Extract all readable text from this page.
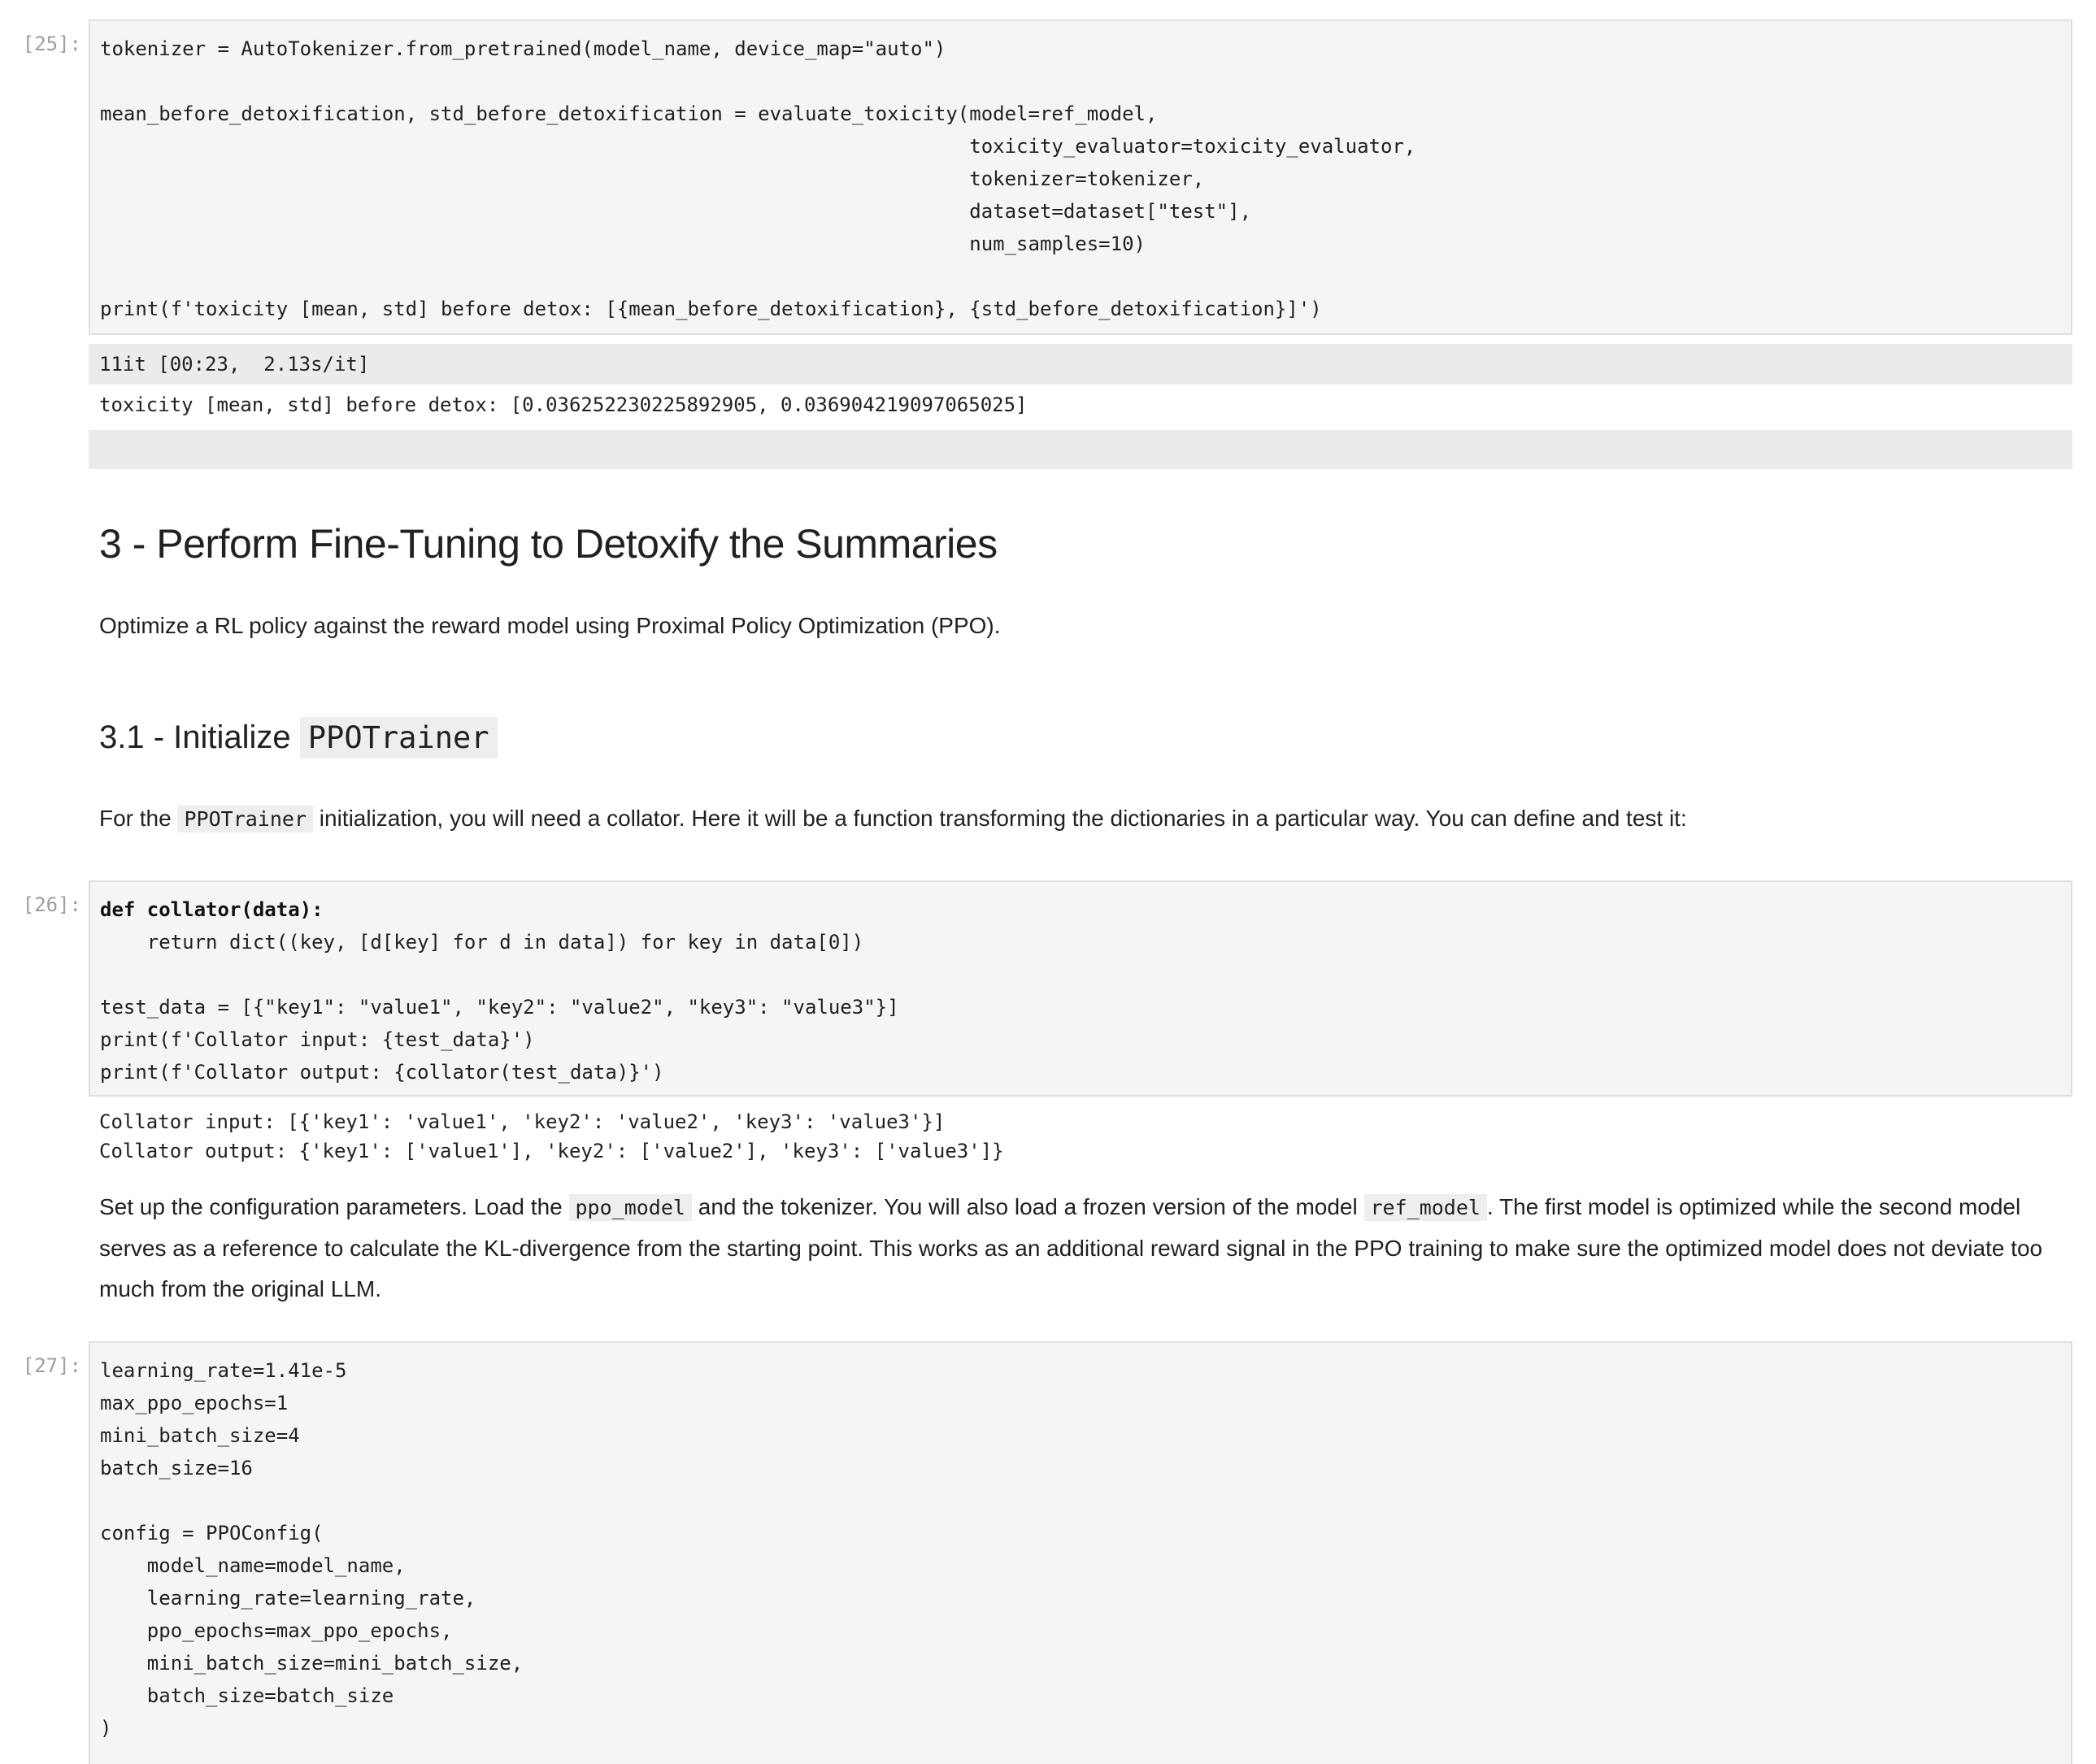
[25]: tokenizer = AutoTokenizer.from_pretrained(model_name, device_map="auto")

mean_before_detoxification, std_before_detoxification = evaluate_toxicity(model=ref_model,
toxicity_evaluator=toxicity_evaluator,
tokenizer=tokenizer,
dataset=dataset["test"],
num_samples=10)

print(f'toxicity [mean, std] before detox: [{mean_before_detoxification}, {std_before_detoxification}]')
11it [00:23,  2.13s/it]
toxicity [mean, std] before detox: [0.036252230225892905, 0.036904219097065025]
3 - Perform Fine-Tuning to Detoxify the Summaries

Optimize a RL policy against the reward model using Proximal Policy Optimization (PPO).

3.1 - Initialize PPOTrainer

For the PPOTrainer initialization, you will need a collator. Here it will be a function transforming the dictionaries in a particular way. You can define and test it:

[26]: def collator(data):
return dict((key, [d[key] for d in data]) for key in data[0])

test_data = [{"key1": "value1", "key2": "value2", "key3": "value3"}]
print(f'Collator input: {test_data}')
print(f'Collator output: {collator(test_data)}')
Collator input: [{'key1': 'value1', 'key2': 'value2', 'key3': 'value3'}]
Collator output: {'key1': ['value1'], 'key2': ['value2'], 'key3': ['value3']}

Set up the configuration parameters. Load the ppo_model and the tokenizer. You will also load a frozen version of the model ref_model . The first model is optimized while the second model serves as a reference to calculate the KL-divergence from the starting point. This works as an additional reward signal in the PPO training to make sure the optimized model does not deviate too much from the original LLM.

[27]: learning_rate=1.41e-5
max_ppo_epochs=1
mini_batch_size=4
batch_size=16

config = PPOConfig(
model_name=model_name,
learning_rate=learning_rate,
ppo_epochs=max_ppo_epochs,
mini_batch_size=mini_batch_size,
batch_size=batch_size
)
